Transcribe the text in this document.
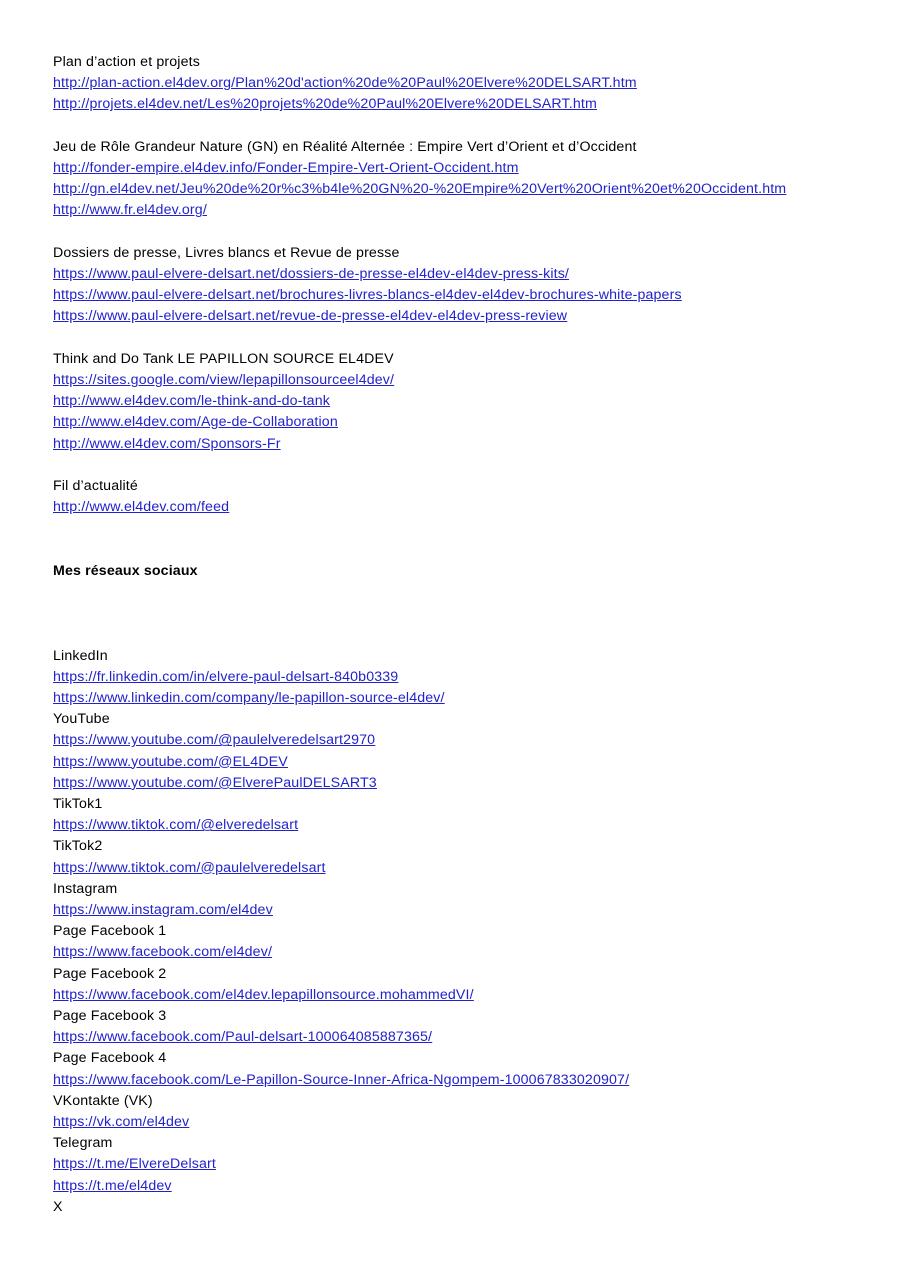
Plan d’action et projets
http://plan-action.el4dev.org/Plan%20d'action%20de%20Paul%20Elvere%20DELSART.htm
http://projets.el4dev.net/Les%20projets%20de%20Paul%20Elvere%20DELSART.htm
Jeu de Rôle Grandeur Nature (GN) en Réalité Alternée : Empire Vert d’Orient et d’Occident
http://fonder-empire.el4dev.info/Fonder-Empire-Vert-Orient-Occident.htm
http://gn.el4dev.net/Jeu%20de%20r%c3%b4le%20GN%20-%20Empire%20Vert%20Orient%20et%20Occident.htm
http://www.fr.el4dev.org/
Dossiers de presse, Livres blancs et Revue de presse
https://www.paul-elvere-delsart.net/dossiers-de-presse-el4dev-el4dev-press-kits/
https://www.paul-elvere-delsart.net/brochures-livres-blancs-el4dev-el4dev-brochures-white-papers
https://www.paul-elvere-delsart.net/revue-de-presse-el4dev-el4dev-press-review
Think and Do Tank LE PAPILLON SOURCE EL4DEV
https://sites.google.com/view/lepapillonsourceel4dev/
http://www.el4dev.com/le-think-and-do-tank
http://www.el4dev.com/Age-de-Collaboration
http://www.el4dev.com/Sponsors-Fr
Fil d’actualité
http://www.el4dev.com/feed
Mes réseaux sociaux
LinkedIn
https://fr.linkedin.com/in/elvere-paul-delsart-840b0339
https://www.linkedin.com/company/le-papillon-source-el4dev/
YouTube
https://www.youtube.com/@paulelveredelsart2970
https://www.youtube.com/@EL4DEV
https://www.youtube.com/@ElverePaulDELSART3
TikTok1
https://www.tiktok.com/@elveredelsart
TikTok2
https://www.tiktok.com/@paulelveredelsart
Instagram
https://www.instagram.com/el4dev
Page Facebook 1
https://www.facebook.com/el4dev/
Page Facebook 2
https://www.facebook.com/el4dev.lepapillonsource.mohammedVI/
Page Facebook 3
https://www.facebook.com/Paul-delsart-100064085887365/
Page Facebook 4
https://www.facebook.com/Le-Papillon-Source-Inner-Africa-Ngompem-100067833020907/
VKontakte (VK)
https://vk.com/el4dev
Telegram
https://t.me/ElvereDelsart
https://t.me/el4dev
X
